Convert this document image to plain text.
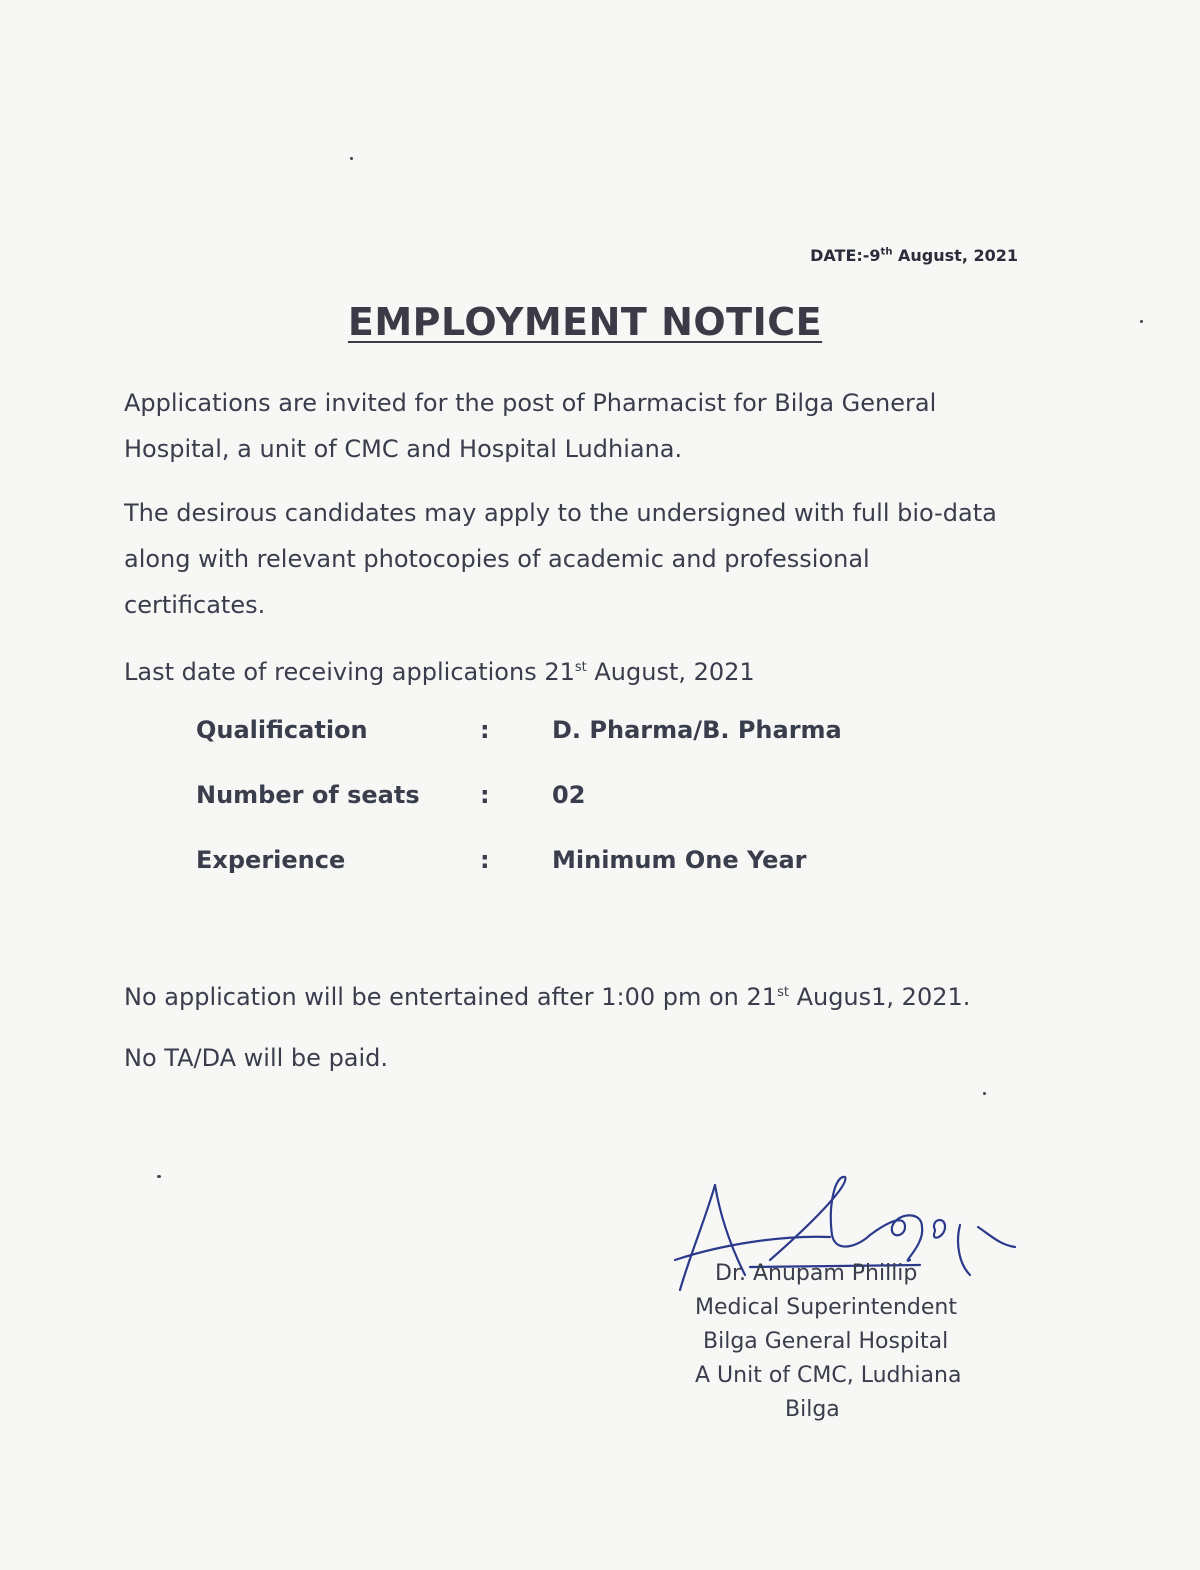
DATE:-9th August, 2021
EMPLOYMENT NOTICE
Applications are invited for the post of Pharmacist for Bilga General Hospital, a unit of CMC and Hospital Ludhiana.
The desirous candidates may apply to the undersigned with full bio-data along with relevant photocopies of academic and professional certificates.
Last date of receiving applications 21st August, 2021
Qualification	:	D. Pharma/B. Pharma
Number of seats	:	02
Experience	:	Minimum One Year
No application will be entertained after 1:00 pm on 21st Augus1, 2021.
No TA/DA will be paid.
Dr. Anupam Phillip
Medical Superintendent
Bilga General Hospital
A Unit of CMC, Ludhiana
Bilga
